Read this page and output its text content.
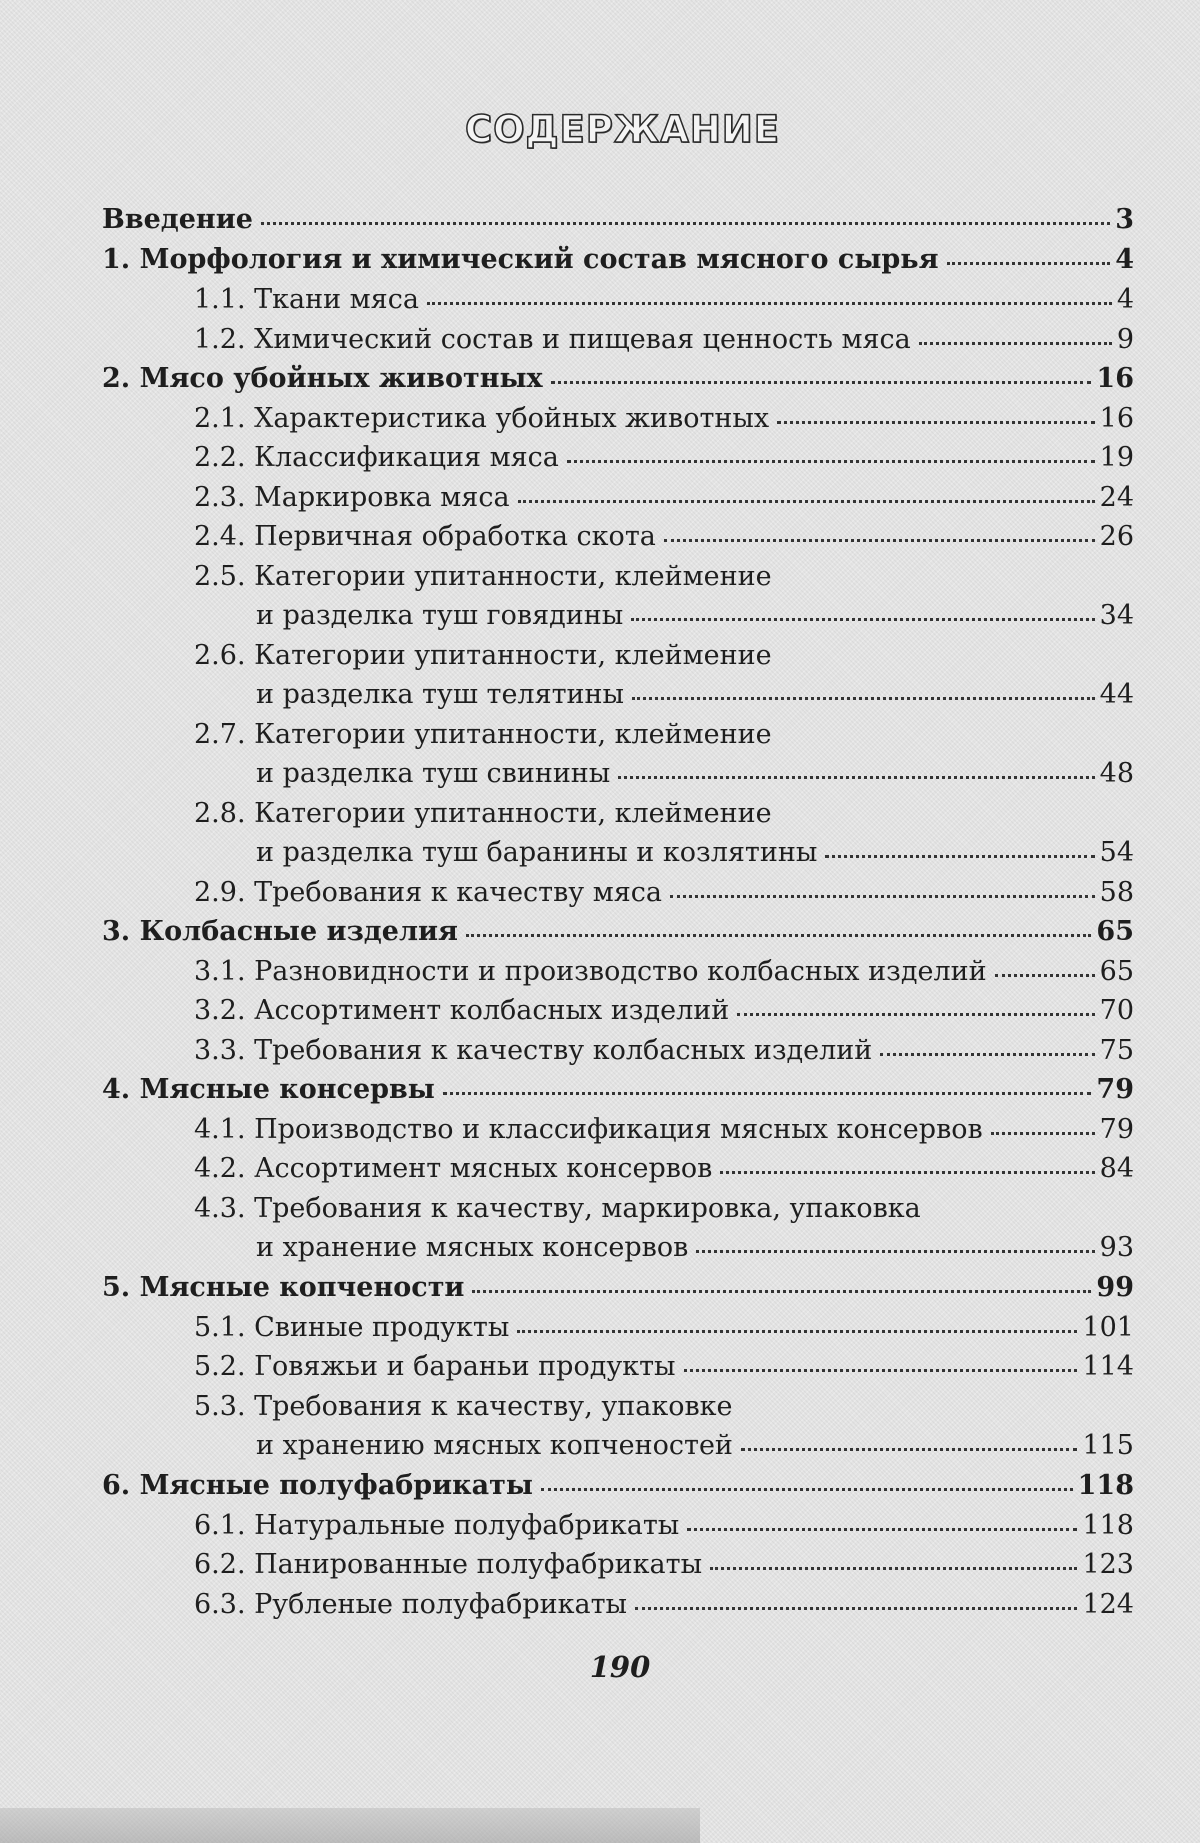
СОДЕРЖАНИЕ
Введение	3
1. Морфология и химический состав мясного сырья	4
1.1. Ткани мяса	4
1.2. Химический состав и пищевая ценность мяса	9
2. Мясо убойных животных	16
2.1. Характеристика убойных животных	16
2.2. Классификация мяса	19
2.3. Маркировка мяса	24
2.4. Первичная обработка скота	26
2.5. Категории упитанности, клеймение
и разделка туш говядины	34
2.6. Категории упитанности, клеймение
и разделка туш телятины	44
2.7. Категории упитанности, клеймение
и разделка туш свинины	48
2.8. Категории упитанности, клеймение
и разделка туш баранины и козлятины	54
2.9. Требования к качеству мяса	58
3. Колбасные изделия	65
3.1. Разновидности и производство колбасных изделий	65
3.2. Ассортимент колбасных изделий	70
3.3. Требования к качеству колбасных изделий	75
4. Мясные консервы	79
4.1. Производство и классификация мясных консервов	79
4.2. Ассортимент мясных консервов	84
4.3. Требования к качеству, маркировка, упаковка
и хранение мясных консервов	93
5. Мясные копчености	99
5.1. Свиные продукты	101
5.2. Говяжьи и бараньи продукты	114
5.3. Требования к качеству, упаковке
и хранению мясных копченостей	115
6. Мясные полуфабрикаты	118
6.1. Натуральные полуфабрикаты	118
6.2. Панированные полуфабрикаты	123
6.3. Рубленые полуфабрикаты	124
190
